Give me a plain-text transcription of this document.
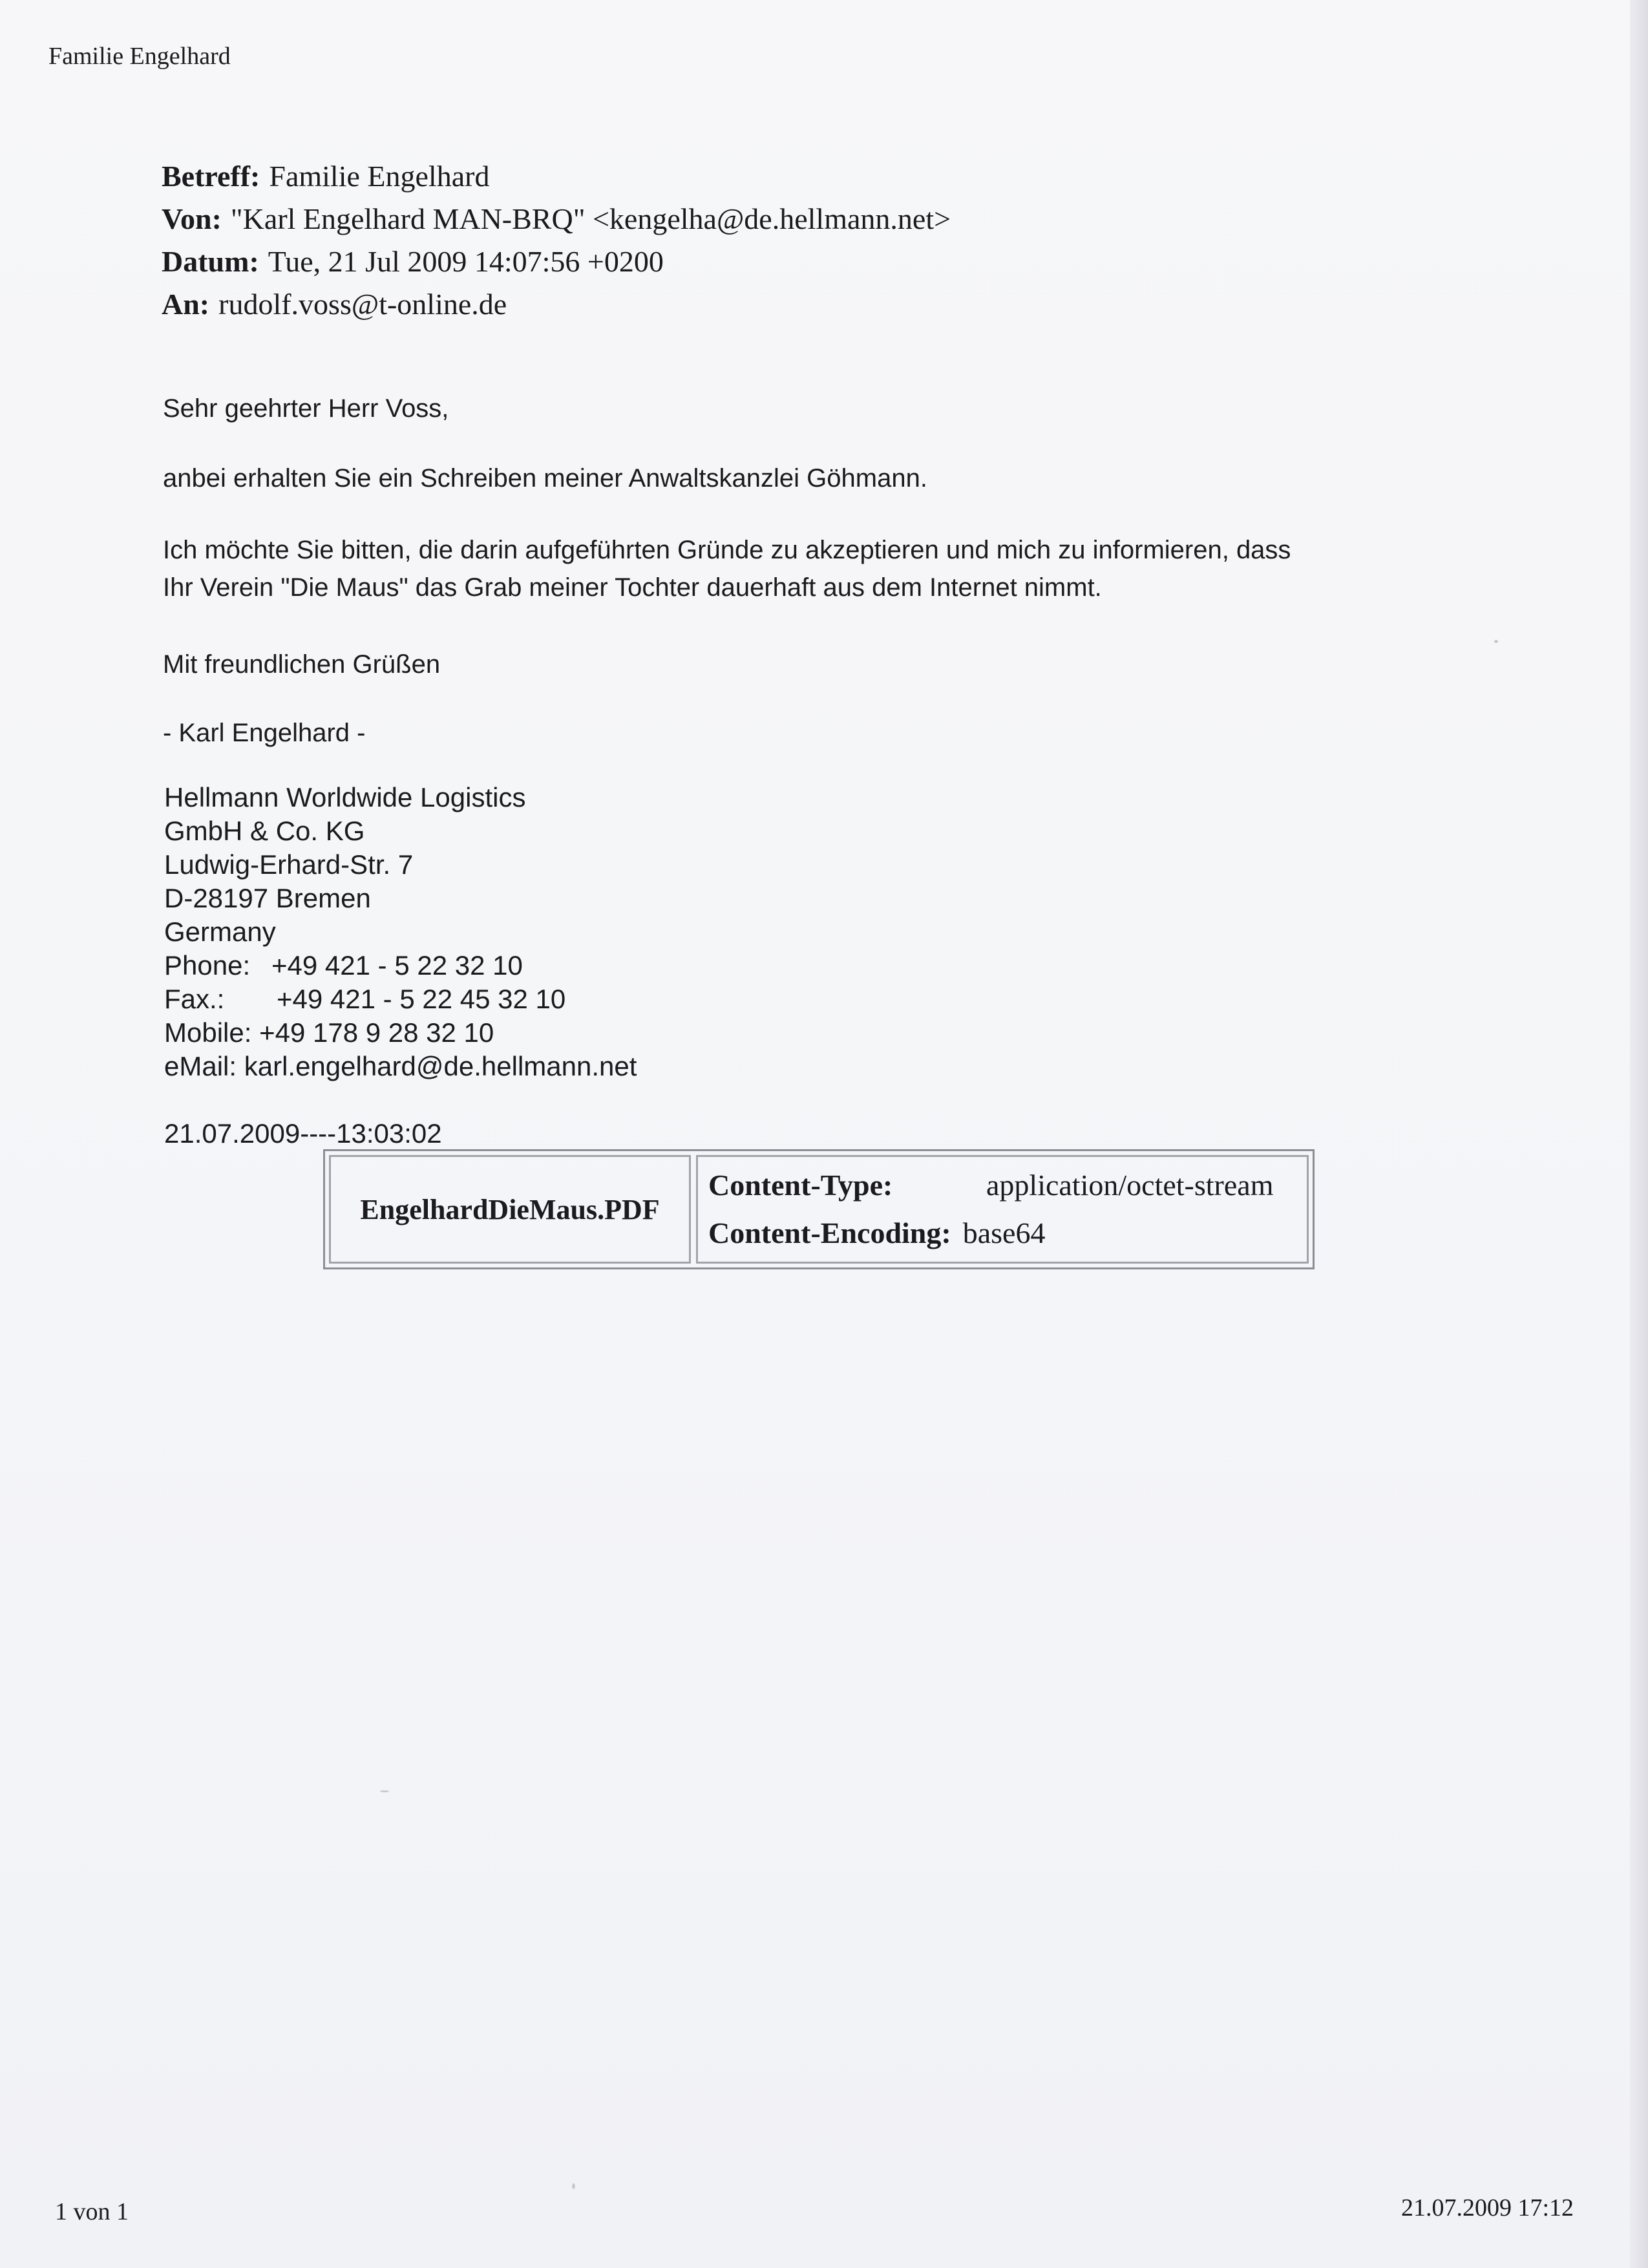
Familie Engelhard
Betreff: Familie Engelhard
Von: "Karl Engelhard MAN-BRQ" <kengelha@de.hellmann.net>
Datum: Tue, 21 Jul 2009 14:07:56 +0200
An: rudolf.voss@t-online.de
Sehr geehrter Herr Voss,
anbei erhalten Sie ein Schreiben meiner Anwaltskanzlei Göhmann.
Ich möchte Sie bitten, die darin aufgeführten Gründe zu akzeptieren und mich zu informieren, dass
Ihr Verein "Die Maus" das Grab meiner Tochter dauerhaft aus dem Internet nimmt.
Mit freundlichen Grüßen
- Karl Engelhard -
Hellmann Worldwide Logistics
GmbH & Co. KG
Ludwig-Erhard-Str. 7
D-28197 Bremen
Germany
Phone: +49 421 - 5 22 32 10
Fax.: +49 421 - 5 22 45 32 10
Mobile: +49 178 9 28 32 10
eMail: karl.engelhard@de.hellmann.net
21.07.2009----13:03:02
EngelhardDieMaus.PDF
Content-Type:	application/octet-stream
Content-Encoding: base64
1 von 1	21.07.2009 17:12
